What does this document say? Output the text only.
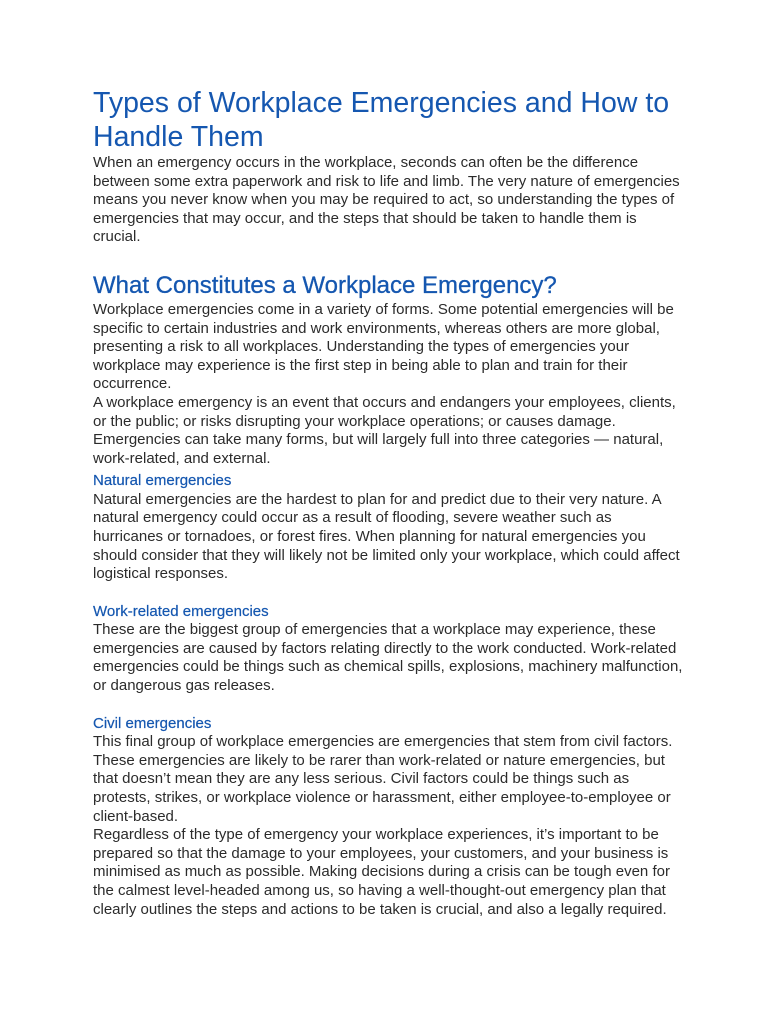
Types of Workplace Emergencies and How to Handle Them

When an emergency occurs in the workplace, seconds can often be the difference between some extra paperwork and risk to life and limb. The very nature of emergencies means you never know when you may be required to act, so understanding the types of emergencies that may occur, and the steps that should be taken to handle them is crucial.

What Constitutes a Workplace Emergency?

Workplace emergencies come in a variety of forms. Some potential emergencies will be specific to certain industries and work environments, whereas others are more global, presenting a risk to all workplaces. Understanding the types of emergencies your workplace may experience is the first step in being able to plan and train for their occurrence.

A workplace emergency is an event that occurs and endangers your employees, clients, or the public; or risks disrupting your workplace operations; or causes damage. Emergencies can take many forms, but will largely full into three categories — natural, work-related, and external.

Natural emergencies

Natural emergencies are the hardest to plan for and predict due to their very nature. A natural emergency could occur as a result of flooding, severe weather such as hurricanes or tornadoes, or forest fires. When planning for natural emergencies you should consider that they will likely not be limited only your workplace, which could affect logistical responses.

Work-related emergencies

These are the biggest group of emergencies that a workplace may experience, these emergencies are caused by factors relating directly to the work conducted. Work-related emergencies could be things such as chemical spills, explosions, machinery malfunction, or dangerous gas releases.

Civil emergencies

This final group of workplace emergencies are emergencies that stem from civil factors. These emergencies are likely to be rarer than work-related or nature emergencies, but that doesn’t mean they are any less serious. Civil factors could be things such as protests, strikes, or workplace violence or harassment, either employee-to-employee or client-based.

Regardless of the type of emergency your workplace experiences, it’s important to be prepared so that the damage to your employees, your customers, and your business is minimised as much as possible. Making decisions during a crisis can be tough even for the calmest level-headed among us, so having a well-thought-out emergency plan that clearly outlines the steps and actions to be taken is crucial, and also a legally required.
